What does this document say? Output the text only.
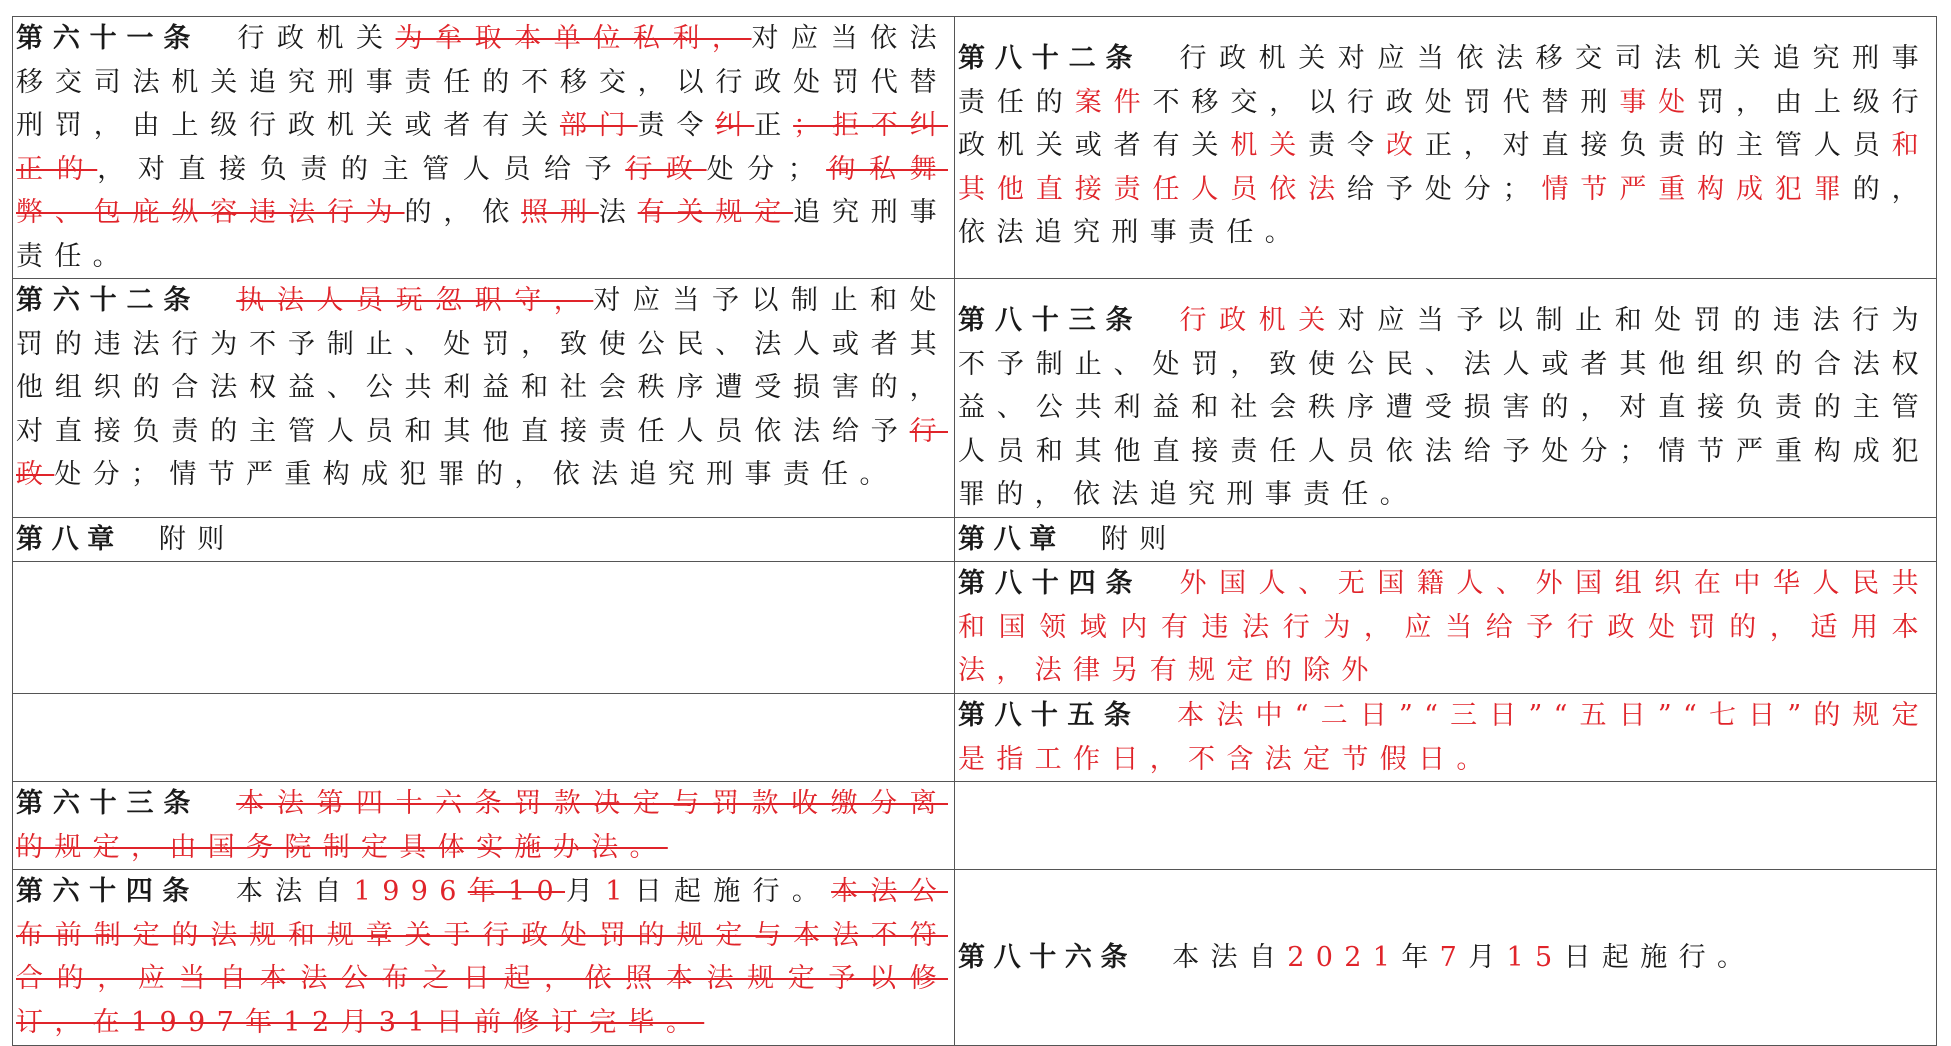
第六十一条 行政机关为牟取本单位私利，对应当依法移交司法机关追究刑事责任的不移交，以行政处罚代替刑罚，由上级行政机关或者有关部门责令纠正；拒不纠正的，对直接负责的主管人员给予行政处分；徇私舞弊、包庇纵容违法行为的，依照刑法有关规定追究刑事责任。	第八十二条 行政机关对应当依法移交司法机关追究刑事责任的案件不移交，以行政处罚代替刑事处罚，由上级行政机关或者有关机关责令改正，对直接负责的主管人员和其他直接责任人员依法给予处分；情节严重构成犯罪的，依法追究刑事责任。
第六十二条 执法人员玩忽职守，对应当予以制止和处罚的违法行为不予制止、处罚，致使公民、法人或者其他组织的合法权益、公共利益和社会秩序遭受损害的，对直接负责的主管人员和其他直接责任人员依法给予行政处分；情节严重构成犯罪的，依法追究刑事责任。	第八十三条 行政机关对应当予以制止和处罚的违法行为不予制止、处罚，致使公民、法人或者其他组织的合法权益、公共利益和社会秩序遭受损害的，对直接负责的主管人员和其他直接责任人员依法给予处分；情节严重构成犯罪的，依法追究刑事责任。
第八章 附则	第八章 附则
	第八十四条 外国人、无国籍人、外国组织在中华人民共和国领域内有违法行为，应当给予行政处罚的，适用本法，法律另有规定的除外
	第八十五条 本法中“二日”“三日”“五日”“七日”的规定是指工作日，不含法定节假日。
第六十三条 本法第四十六条罚款决定与罚款收缴分离的规定，由国务院制定具体实施办法。	
第六十四条 本法自1996年10月1日起施行。本法公布前制定的法规和规章关于行政处罚的规定与本法不符合的，应当自本法公布之日起，依照本法规定予以修订，在1997年12月31日前修订完毕。	第八十六条 本法自2021年7月15日起施行。
